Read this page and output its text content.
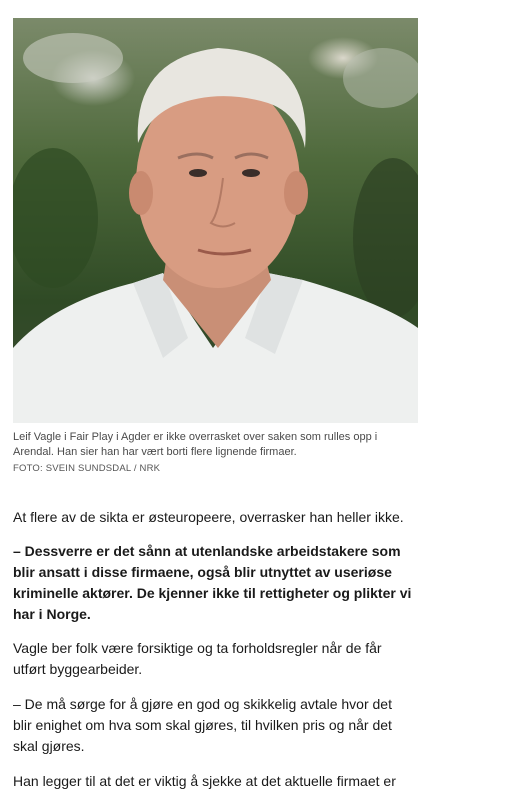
Leif Vagle i Fair Play i Agder er ikke overrasket over saken som rulles opp i Arendal. Han sier han har vært borti flere lignende firmaer.
FOTO: SVEIN SUNDSDAL / NRK
At flere av de sikta er østeuropeere, overrasker han heller ikke.
– Dessverre er det sånn at utenlandske arbeidstakere som blir ansatt i disse firmaene, også blir utnyttet av useriøse kriminelle aktører. De kjenner ikke til rettigheter og plikter vi har i Norge.
Vagle ber folk være forsiktige og ta forholdsregler når de får utført byggearbeider.
– De må sørge for å gjøre en god og skikkelig avtale hvor det blir enighet om hva som skal gjøres, til hvilken pris og når det skal gjøres.
Han legger til at det er viktig å sjekke at det aktuelle firmaet er
